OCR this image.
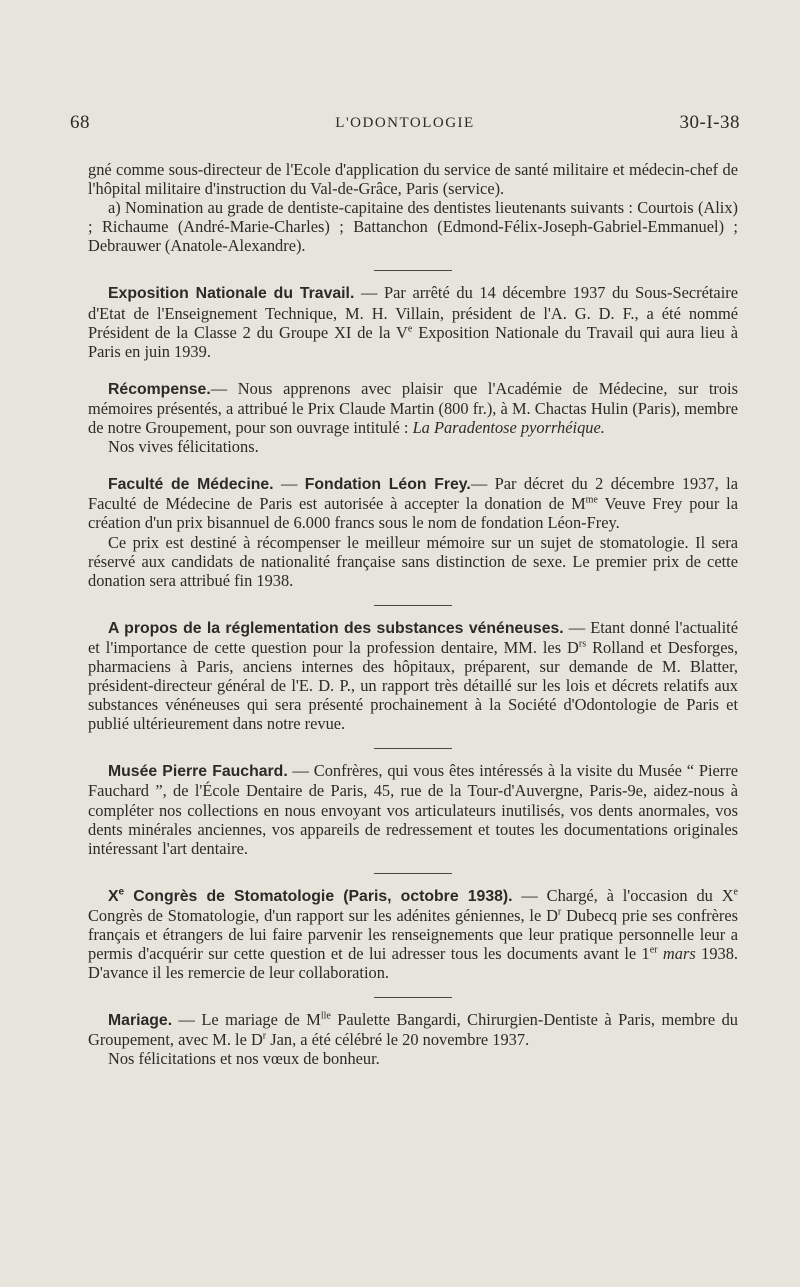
68	L'ODONTOLOGIE	30-I-38

gné comme sous-directeur de l'Ecole d'application du service de santé militaire et médecin-chef de l'hôpital militaire d'instruction du Val-de-Grâce, Paris (service).

a) Nomination au grade de dentiste-capitaine des dentistes lieutenants suivants : Courtois (Alix) ; Richaume (André-Marie-Charles) ; Battanchon (Edmond-Félix-Joseph-Gabriel-Emmanuel) ; Debrauwer (Anatole-Alexandre).

Exposition Nationale du Travail. — Par arrêté du 14 décembre 1937 du Sous-Secrétaire d'Etat de l'Enseignement Technique, M. H. Villain, président de l'A. G. D. F., a été nommé Président de la Classe 2 du Groupe XI de la Ve Exposition Nationale du Travail qui aura lieu à Paris en juin 1939.

Récompense.— Nous apprenons avec plaisir que l'Académie de Médecine, sur trois mémoires présentés, a attribué le Prix Claude Martin (800 fr.), à M. Chactas Hulin (Paris), membre de notre Groupement, pour son ouvrage intitulé : La Paradentose pyorrhéique.

Nos vives félicitations.

Faculté de Médecine. — Fondation Léon Frey.— Par décret du 2 décembre 1937, la Faculté de Médecine de Paris est autorisée à accepter la donation de $M^{me}$ Veuve Frey pour la création d'un prix bisannuel de 6.000 francs sous le nom de fondation Léon-Frey.

Ce prix est destiné à récompenser le meilleur mémoire sur un sujet de stomatologie. Il sera réservé aux candidats de nationalité française sans distinction de sexe. Le premier prix de cette donation sera attribué fin 1938.

A propos de la réglementation des substances vénéneuses. — Etant donné l'actualité et l'importance de cette question pour la profession dentaire, MM. les $D^{rs}$ Rolland et Desforges, pharmaciens à Paris, anciens internes des hôpitaux, préparent, sur demande de M. Blatter, président-directeur général de l'E. D. P., un rapport très détaillé sur les lois et décrets relatifs aux substances vénéneuses qui sera présenté prochainement à la Société d'Odontologie de Paris et publié ultérieurement dans notre revue.

Musée Pierre Fauchard. — Confrères, qui vous êtes intéressés à la visite du Musée “ Pierre Fauchard ”, de l'École Dentaire de Paris, 45, rue de la Tour-d'Auvergne, Paris-9e, aidez-nous à compléter nos collections en nous envoyant vos articulateurs inutilisés, vos dents anormales, vos dents minérales anciennes, vos appareils de redressement et toutes les documentations originales intéressant l'art dentaire.

Xe Congrès de Stomatologie (Paris, octobre 1938). — Chargé, à l'occasion du Xe Congrès de Stomatologie, d'un rapport sur les adénites géniennes, le $D^r$ Dubecq prie ses confrères français et étrangers de lui faire parvenir les renseignements que leur pratique personnelle leur a permis d'acquérir sur cette question et de lui adresser tous les documents avant le 1er mars 1938. D'avance il les remercie de leur collaboration.

Mariage. — Le mariage de $M^{lle}$ Paulette Bangardi, Chirurgien-Dentiste à Paris, membre du Groupement, avec M. le $D^r$ Jan, a été célébré le 20 novembre 1937.

Nos félicitations et nos vœux de bonheur.
